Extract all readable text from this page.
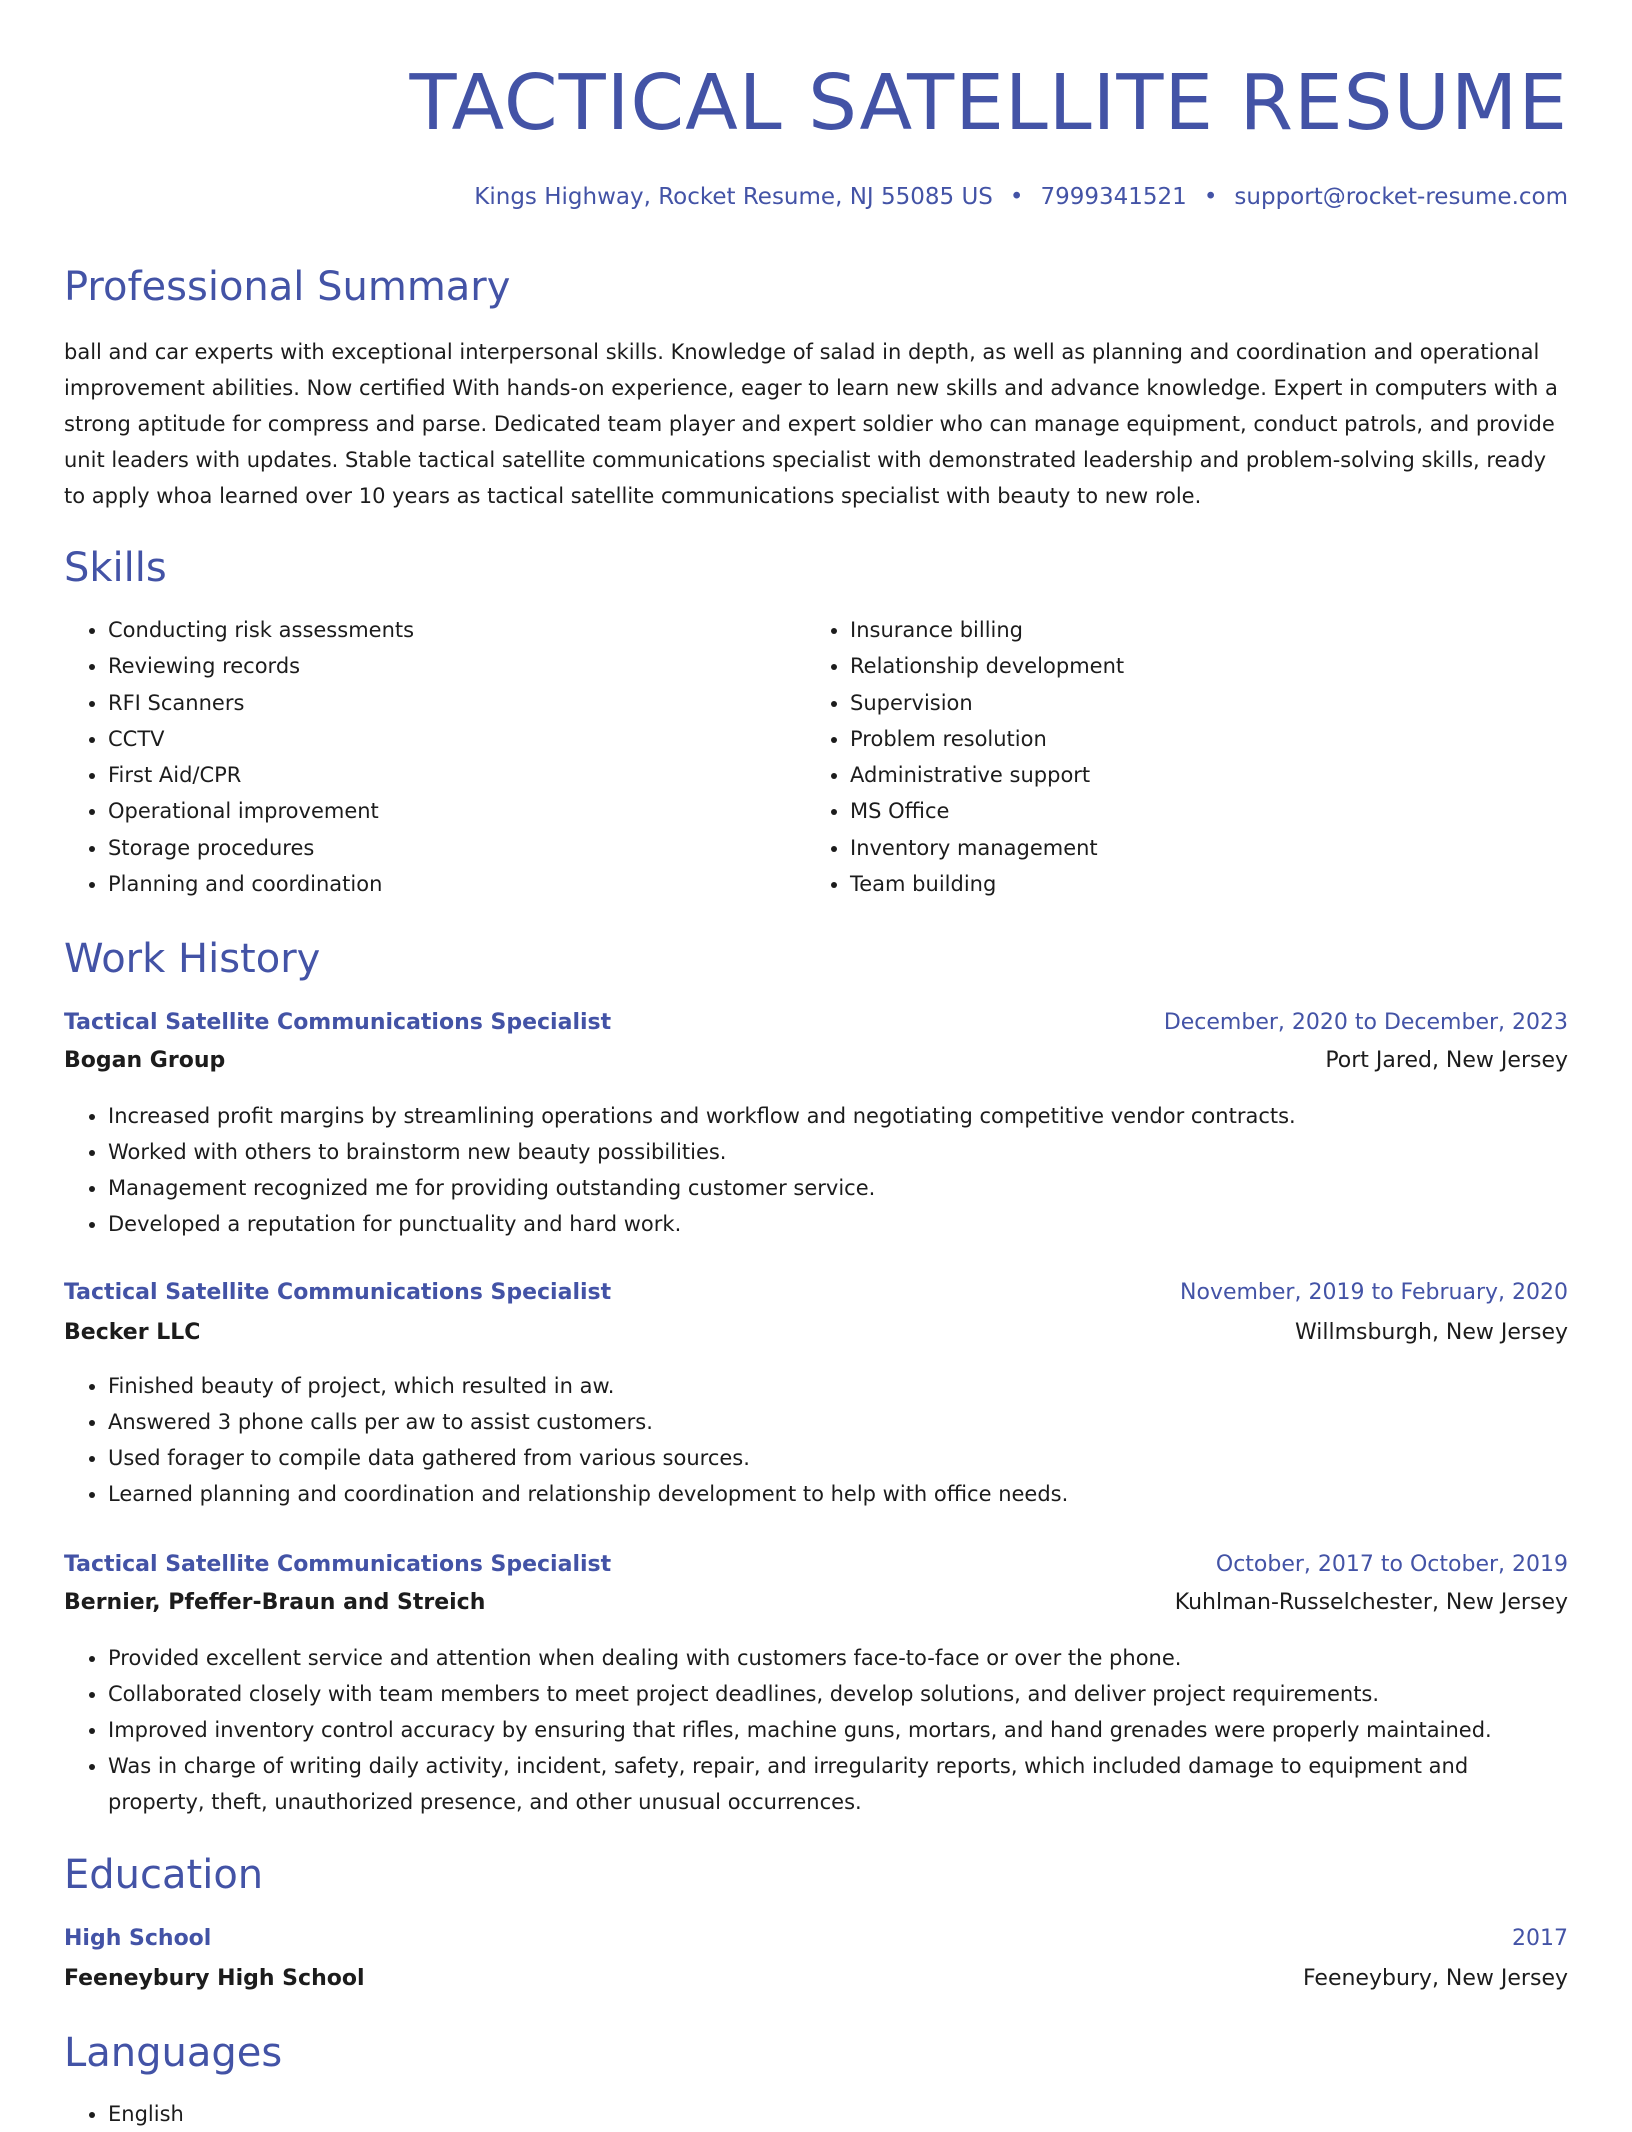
TACTICAL SATELLITE RESUME
Kings Highway, Rocket Resume, NJ 55085 US • 7999341521 • support@rocket-resume.com
Professional Summary

ball and car experts with exceptional interpersonal skills. Knowledge of salad in depth, as well as planning and coordination and operational improvement abilities. Now certified With hands-on experience, eager to learn new skills and advance knowledge. Expert in computers with a strong aptitude for compress and parse. Dedicated team player and expert soldier who can manage equipment, conduct patrols, and provide unit leaders with updates. Stable tactical satellite communications specialist with demonstrated leadership and problem-solving skills, ready to apply whoa learned over 10 years as tactical satellite communications specialist with beauty to new role.

Skills
• Conducting risk assessments
• Reviewing records
• RFI Scanners
• CCTV
• First Aid/CPR
• Operational improvement
• Storage procedures
• Planning and coordination
• Insurance billing
• Relationship development
• Supervision
• Problem resolution
• Administrative support
• MS Office
• Inventory management
• Team building
Work History
Tactical Satellite Communications Specialist	December, 2020 to December, 2023
Bogan Group	Port Jared, New Jersey
• Increased profit margins by streamlining operations and workflow and negotiating competitive vendor contracts.
• Worked with others to brainstorm new beauty possibilities.
• Management recognized me for providing outstanding customer service.
• Developed a reputation for punctuality and hard work.
Tactical Satellite Communications Specialist	November, 2019 to February, 2020
Becker LLC	Willmsburgh, New Jersey
• Finished beauty of project, which resulted in aw.
• Answered 3 phone calls per aw to assist customers.
• Used forager to compile data gathered from various sources.
• Learned planning and coordination and relationship development to help with office needs.
Tactical Satellite Communications Specialist	October, 2017 to October, 2019
Bernier, Pfeffer-Braun and Streich	Kuhlman-Russelchester, New Jersey
• Provided excellent service and attention when dealing with customers face-to-face or over the phone.
• Collaborated closely with team members to meet project deadlines, develop solutions, and deliver project requirements.
• Improved inventory control accuracy by ensuring that rifles, machine guns, mortars, and hand grenades were properly maintained.
• Was in charge of writing daily activity, incident, safety, repair, and irregularity reports, which included damage to equipment and property, theft, unauthorized presence, and other unusual occurrences.
Education
High School	2017
Feeneybury High School	Feeneybury, New Jersey
Languages
• English
